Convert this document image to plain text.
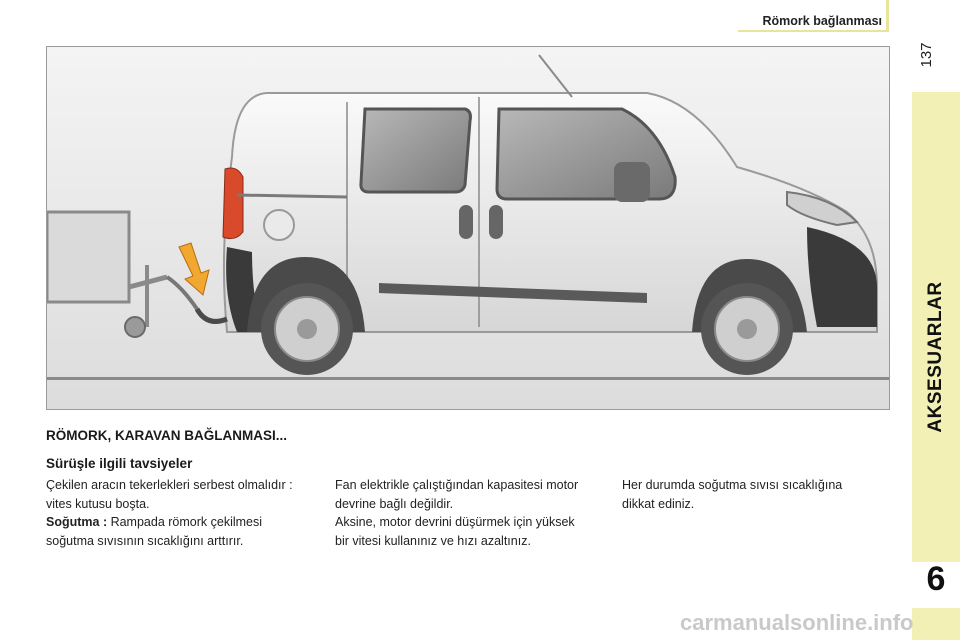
Römork bağlanması
137
AKSESUARLAR
6
RÖMORK, KARAVAN BAĞLANMASI...
Sürüşle ilgili tavsiyeler

Çekilen aracın tekerlekleri serbest olmalıdır :

vites kutusu boşta.

Soğutma : Rampada römork çekilmesi

soğutma sıvısının sıcaklığını arttırır.

Fan elektrikle çalıştığından kapasitesi motor

devrine bağlı değildir.

Aksine, motor devrini düşürmek için yüksek

bir vitesi kullanınız ve hızı azaltınız.

Her durumda soğutma sıvısı sıcaklığına

dikkat ediniz.

carmanualsonline.info
